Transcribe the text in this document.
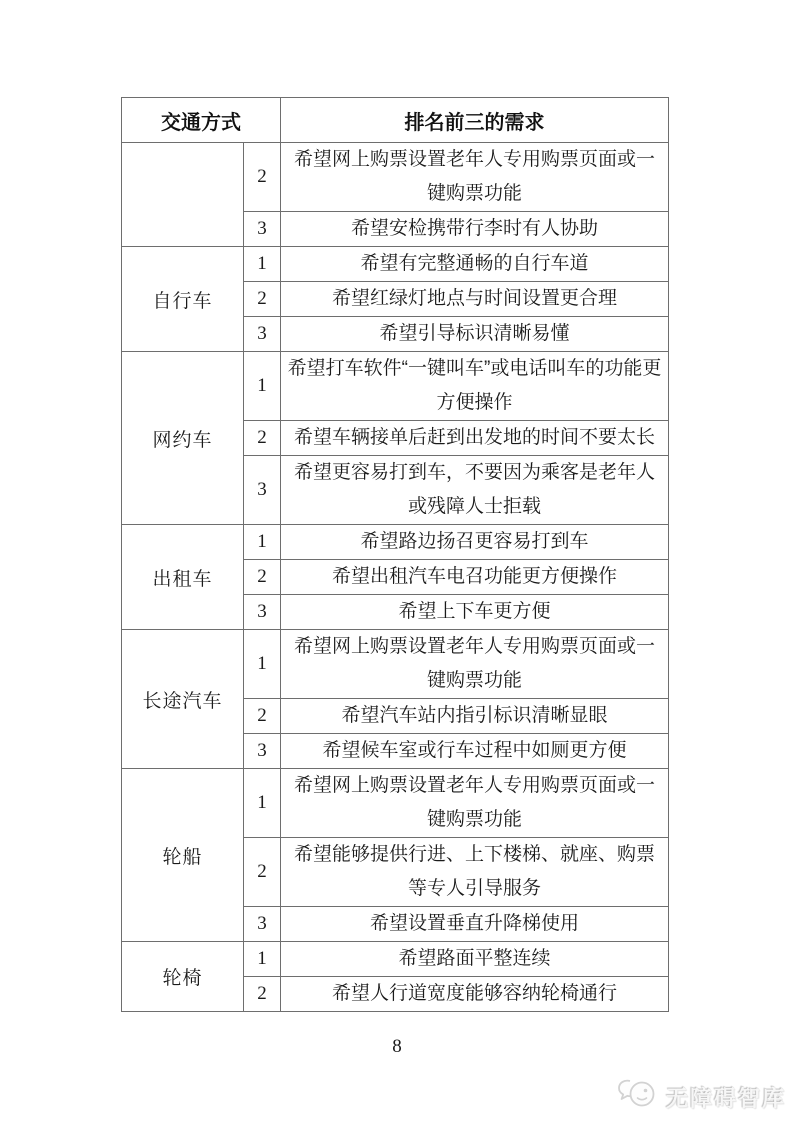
交通方式		排名前三的需求
	2	希望网上购票设置老年人专用购票页面或一键购票功能
	3	希望安检携带行李时有人协助
自行车	1	希望有完整通畅的自行车道
	2	希望红绿灯地点与时间设置更合理
	3	希望引导标识清晰易懂
网约车	1	希望打车软件“一键叫车”或电话叫车的功能更方便操作
	2	希望车辆接单后赶到出发地的时间不要太长
	3	希望更容易打到车，不要因为乘客是老年人或残障人士拒载
出租车	1	希望路边扬召更容易打到车
	2	希望出租汽车电召功能更方便操作
	3	希望上下车更方便
长途汽车	1	希望网上购票设置老年人专用购票页面或一键购票功能
	2	希望汽车站内指引标识清晰显眼
	3	希望候车室或行车过程中如厕更方便
轮船	1	希望网上购票设置老年人专用购票页面或一键购票功能
	2	希望能够提供行进、上下楼梯、就座、购票等专人引导服务
	3	希望设置垂直升降梯使用
轮椅	1	希望路面平整连续
	2	希望人行道宽度能够容纳轮椅通行
8
无障碍智库
